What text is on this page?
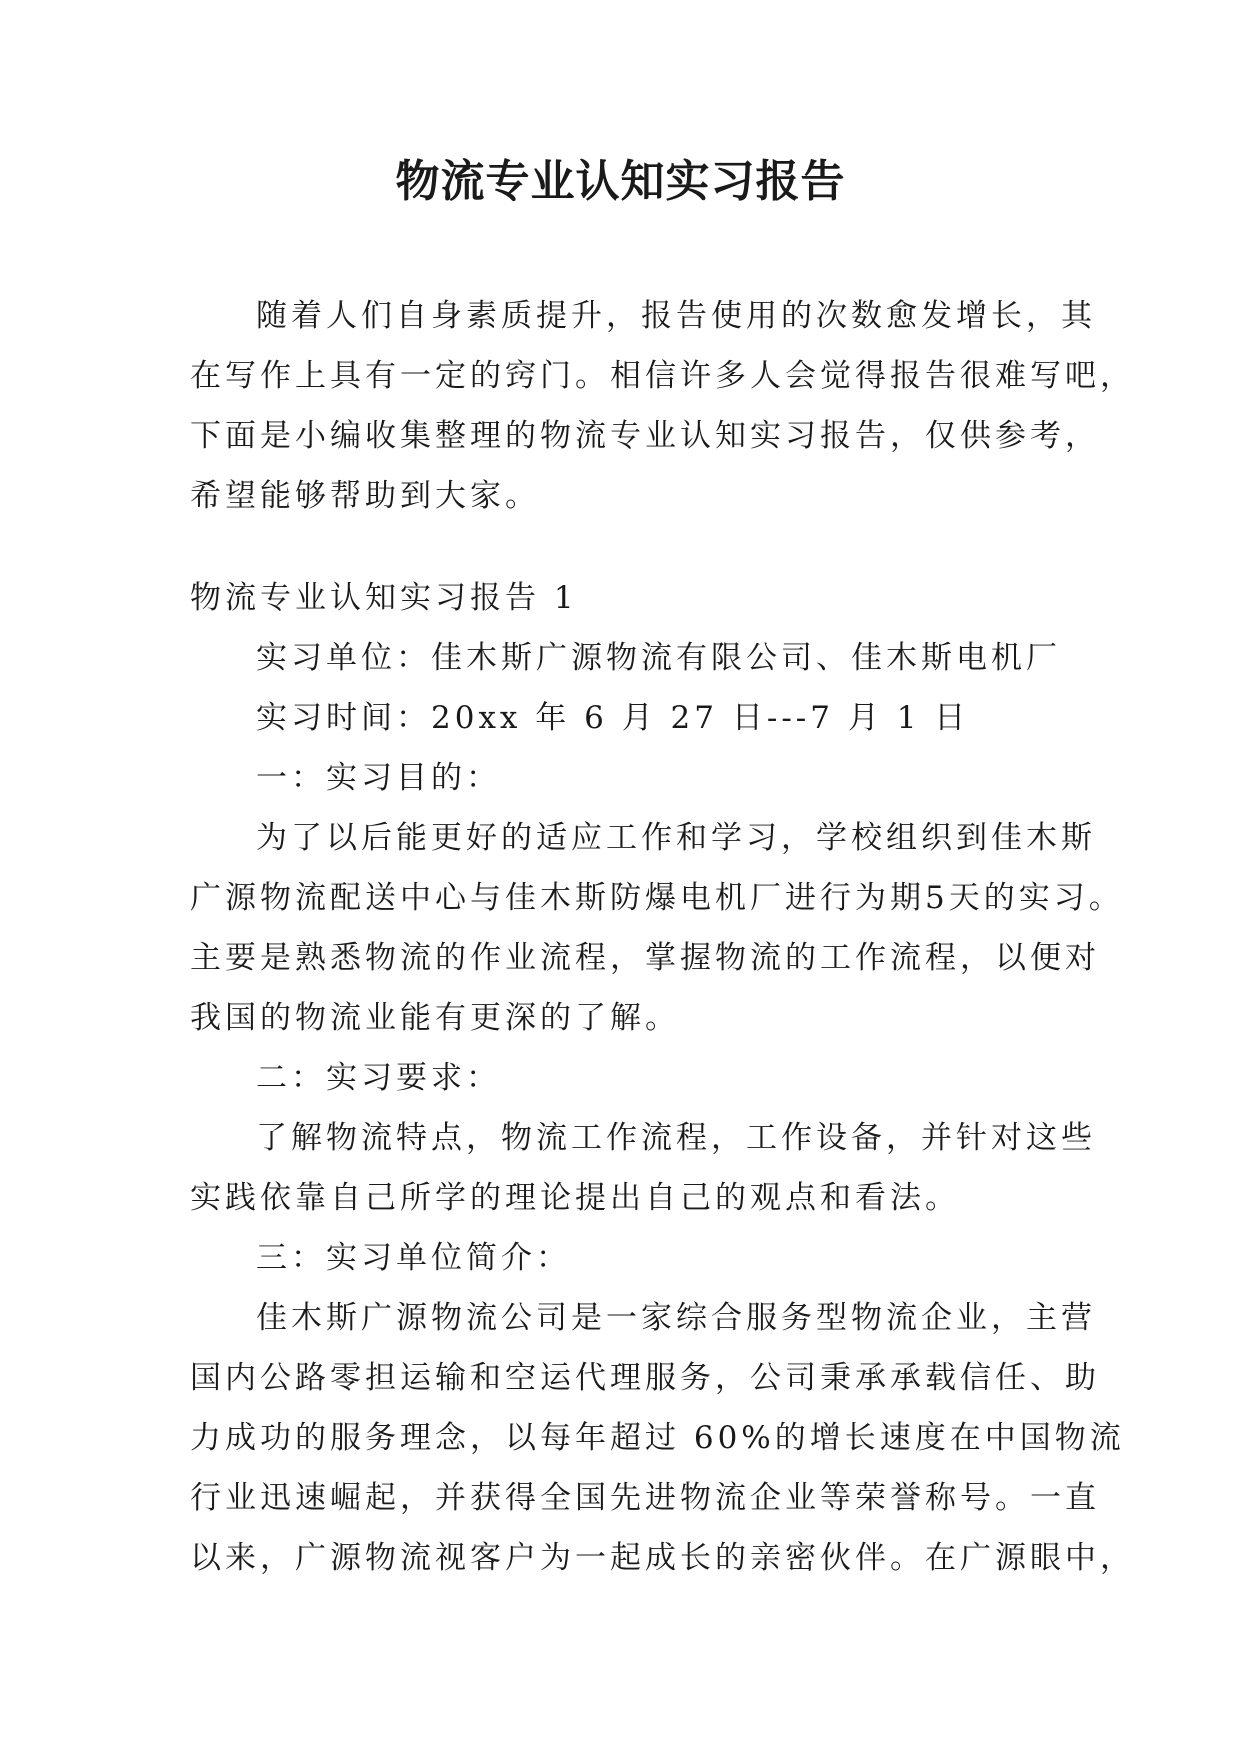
物流专业认知实习报告

随着人们自身素质提升，报告使用的次数愈发增长，其

在写作上具有一定的窍门。相信许多人会觉得报告很难写吧，

下面是小编收集整理的物流专业认知实习报告，仅供参考，

希望能够帮助到大家。

物流专业认知实习报告 1

实习单位：佳木斯广源物流有限公司、佳木斯电机厂

实习时间：20xx 年 6 月 27 日---7 月 1 日

一：实习目的：

为了以后能更好的适应工作和学习，学校组织到佳木斯

广源物流配送中心与佳木斯防爆电机厂进行为期5天的实习。

主要是熟悉物流的作业流程，掌握物流的工作流程，以便对

我国的物流业能有更深的了解。

二：实习要求：

了解物流特点，物流工作流程，工作设备，并针对这些

实践依靠自己所学的理论提出自己的观点和看法。

三：实习单位简介：

佳木斯广源物流公司是一家综合服务型物流企业，主营

国内公路零担运输和空运代理服务，公司秉承承载信任、助

力成功的服务理念，以每年超过 60%的增长速度在中国物流

行业迅速崛起，并获得全国先进物流企业等荣誉称号。一直

以来，广源物流视客户为一起成长的亲密伙伴。在广源眼中，
